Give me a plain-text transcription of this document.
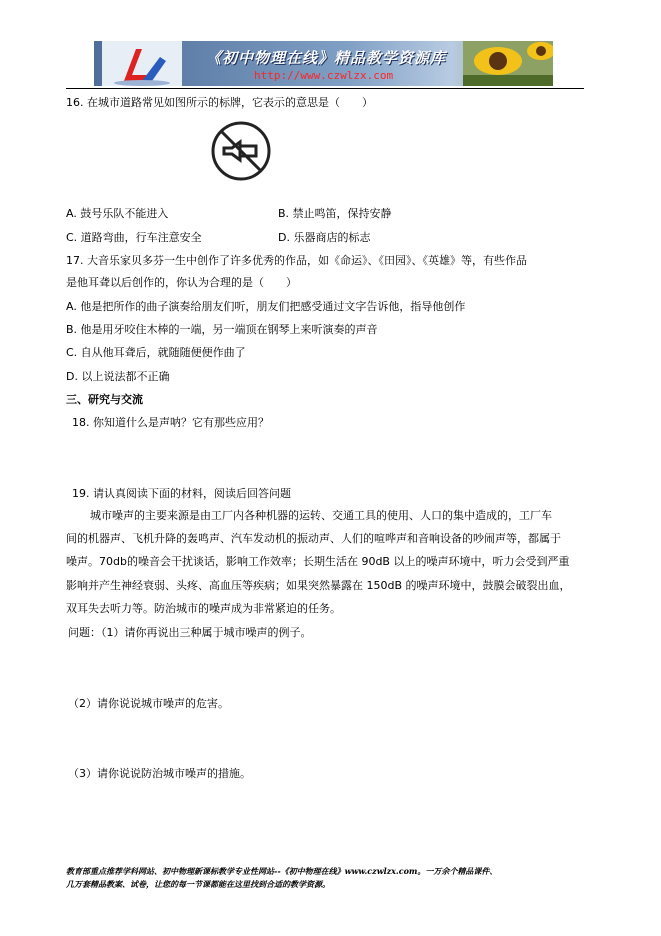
《初中物理在线》精品教学资源库
http://www.czwlzx.com
16. 在城市道路常见如图所示的标牌，它表示的意思是（　　）
A. 鼓号乐队不能进入	B. 禁止鸣笛，保持安静
C. 道路弯曲，行车注意安全	D. 乐器商店的标志
17. 大音乐家贝多芬一生中创作了许多优秀的作品，如《命运》、《田园》、《英雄》等，有些作品
是他耳聋以后创作的，你认为合理的是（　　）
A. 他是把所作的曲子演奏给朋友们听，朋友们把感受通过文字告诉他，指导他创作
B. 他是用牙咬住木棒的一端，另一端顶在钢琴上来听演奏的声音
C. 自从他耳聋后，就随随便便作曲了
D. 以上说法都不正确
三、研究与交流
18. 你知道什么是声呐？它有那些应用？
19. 请认真阅读下面的材料，阅读后回答问题
城市噪声的主要来源是由工厂内各种机器的运转、交通工具的使用、人口的集中造成的，工厂车
间的机器声、飞机升降的轰鸣声、汽车发动机的振动声、人们的喧哗声和音响设备的吵闹声等，都属于
噪声。70db的噪音会干扰谈话，影响工作效率；长期生活在 90dB 以上的噪声环境中，听力会受到严重
影响并产生神经衰弱、头疼、高血压等疾病；如果突然暴露在 150dB 的噪声环境中，鼓膜会破裂出血，
双耳失去听力等。防治城市的噪声成为非常紧迫的任务。
问题：（1）请你再说出三种属于城市噪声的例子。
（2）请你说说城市噪声的危害。
（3）请你说说防治城市噪声的措施。
教育部重点推荐学科网站、初中物理新课标教学专业性网站--《初中物理在线》www.czwlzx.com。一万余个精品课件、
几万套精品教案、试卷，让您的每一节课都能在这里找到合适的教学资源。
